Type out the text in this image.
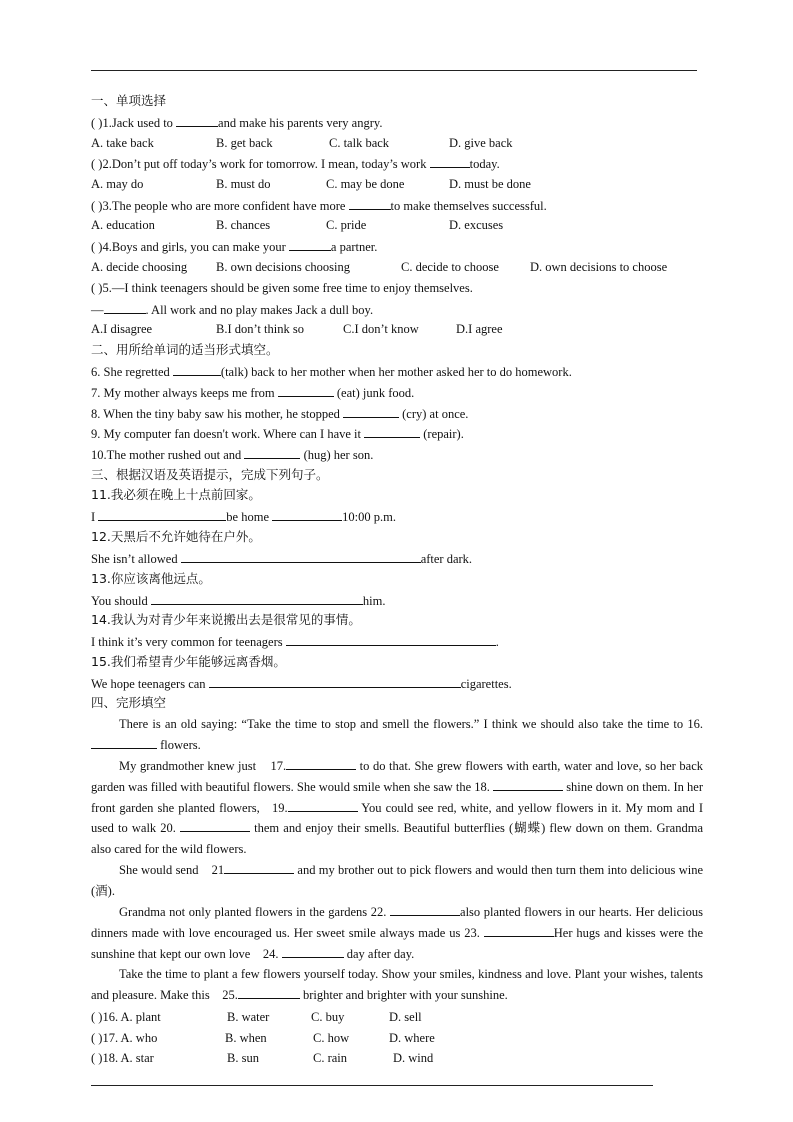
一、单项选择
( )1.Jack used to	and make his parents very angry.
A. take back	B. get back	C. talk back	D. give back
( )2.Don’t put off today’s work for tomorrow. I mean, today’s work	today.
A. may do	B. must do	C. may be done	D. must be done
( )3.The people who are more confident have more	to make themselves successful.
A. education	B. chances	C. pride	D. excuses
( )4.Boys and girls, you can make your	a partner.
A. decide choosing B. own decisions choosing	C. decide to choose D. own decisions to choose
( )5.—I think teenagers should be given some free time to enjoy themselves.
—	. All work and no play makes Jack a dull boy.
A.I disagree	B.I don’t think so	C.I don’t know	D.I agree
二、用所给单词的适当形式填空。
6. She regretted	(talk) back to her mother when her mother asked her to do homework.
7. My mother always keeps me from	(eat) junk food.
8. When the tiny baby saw his mother, he stopped	(cry) at once.
9. My computer fan doesn't work. Where can I have it	(repair).
10.The mother rushed out and	(hug) her son.
三、根据汉语及英语提示，完成下列句子。
11.我必须在晚上十点前回家。
I	be home	10:00 p.m.
12.天黑后不允许她待在户外。
She isn’t allowed	after dark.
13.你应该离他远点。
You should	him.
14.我认为对青少年来说搬出去是很常见的事情。
I think it’s very common for teenagers	.
15.我们希望青少年能够远离香烟。
We hope teenagers can	cigarettes.
四、完形填空
There is an old saying: “Take the time to stop and smell the flowers.” I think we should also take the time to 16. flowers.
My grandmother knew just    17.	to do that. She grew flowers with earth, water and love, so her back garden was filled with beautiful flowers. She would smile when she saw the 18.	shine down on them. In her front garden she planted flowers,   19.	You could see red, white, and yellow flowers in it. My mom and I used to walk 20.	them and enjoy their smells. Beautiful butterflies (蝴蝶) flew down on them. Grandma also cared for the wild flowers.
She would send    21	and my brother out to pick flowers and would then turn them into delicious wine (酒).
Grandma not only planted flowers in the gardens 22.	also planted flowers in our hearts. Her delicious dinners made with love encouraged us. Her sweet smile always made us 23.	Her hugs and kisses were the sunshine that kept our own love    24.	day after day.
Take the time to plant a few flowers yourself today. Show your smiles, kindness and love. Plant your wishes, talents and pleasure. Make this    25.	brighter and brighter with your sunshine.
( )16. A. plant	B. water	C. buy	D. sell
( )17. A. who	B. when	C. how	D. where
( )18. A. star	B. sun	C. rain	D. wind
